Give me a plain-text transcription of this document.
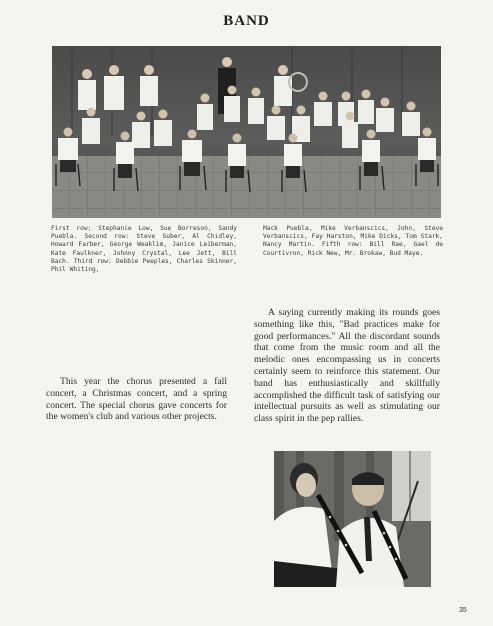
BAND
First row: Stephanie Low, Sue Borreson, Sandy Puebla. Second row: Steve Suber, Al Chidley, Howard Farber, George Weaklim, Janice Leiberman, Kate Faulkner, Johnny Crystal, Lee Jett, Bill Bach. Third row: Debbie Peeples, Charles Skinner, Phil Whiting,
Mack Puebla, Mike Verbanscics, John, Steve Verbanscics, Fay Harston, Mike Dicks, Tom Stark, Nancy Martin. Fifth row: Bill Rae, Gael de Courtivron, Rick New, Mr. Brokaw, Bud Maye.

A saying currently making its rounds goes something like this, "Bad practices make for good performances." All the discordant sounds that come from the music room and all the melodic ones encompassing us in concerts certainly seem to reinforce this statement. Our band has enthusiastically and skillfully accomplished the difficult task of satisfying our intellectual pursuits as well as stimulating our class spirit in the pep rallies.

This year the chorus presented a fall concert, a Christmas concert, and a spring concert. The special chorus gave concerts for the women's club and various other projects.

35
